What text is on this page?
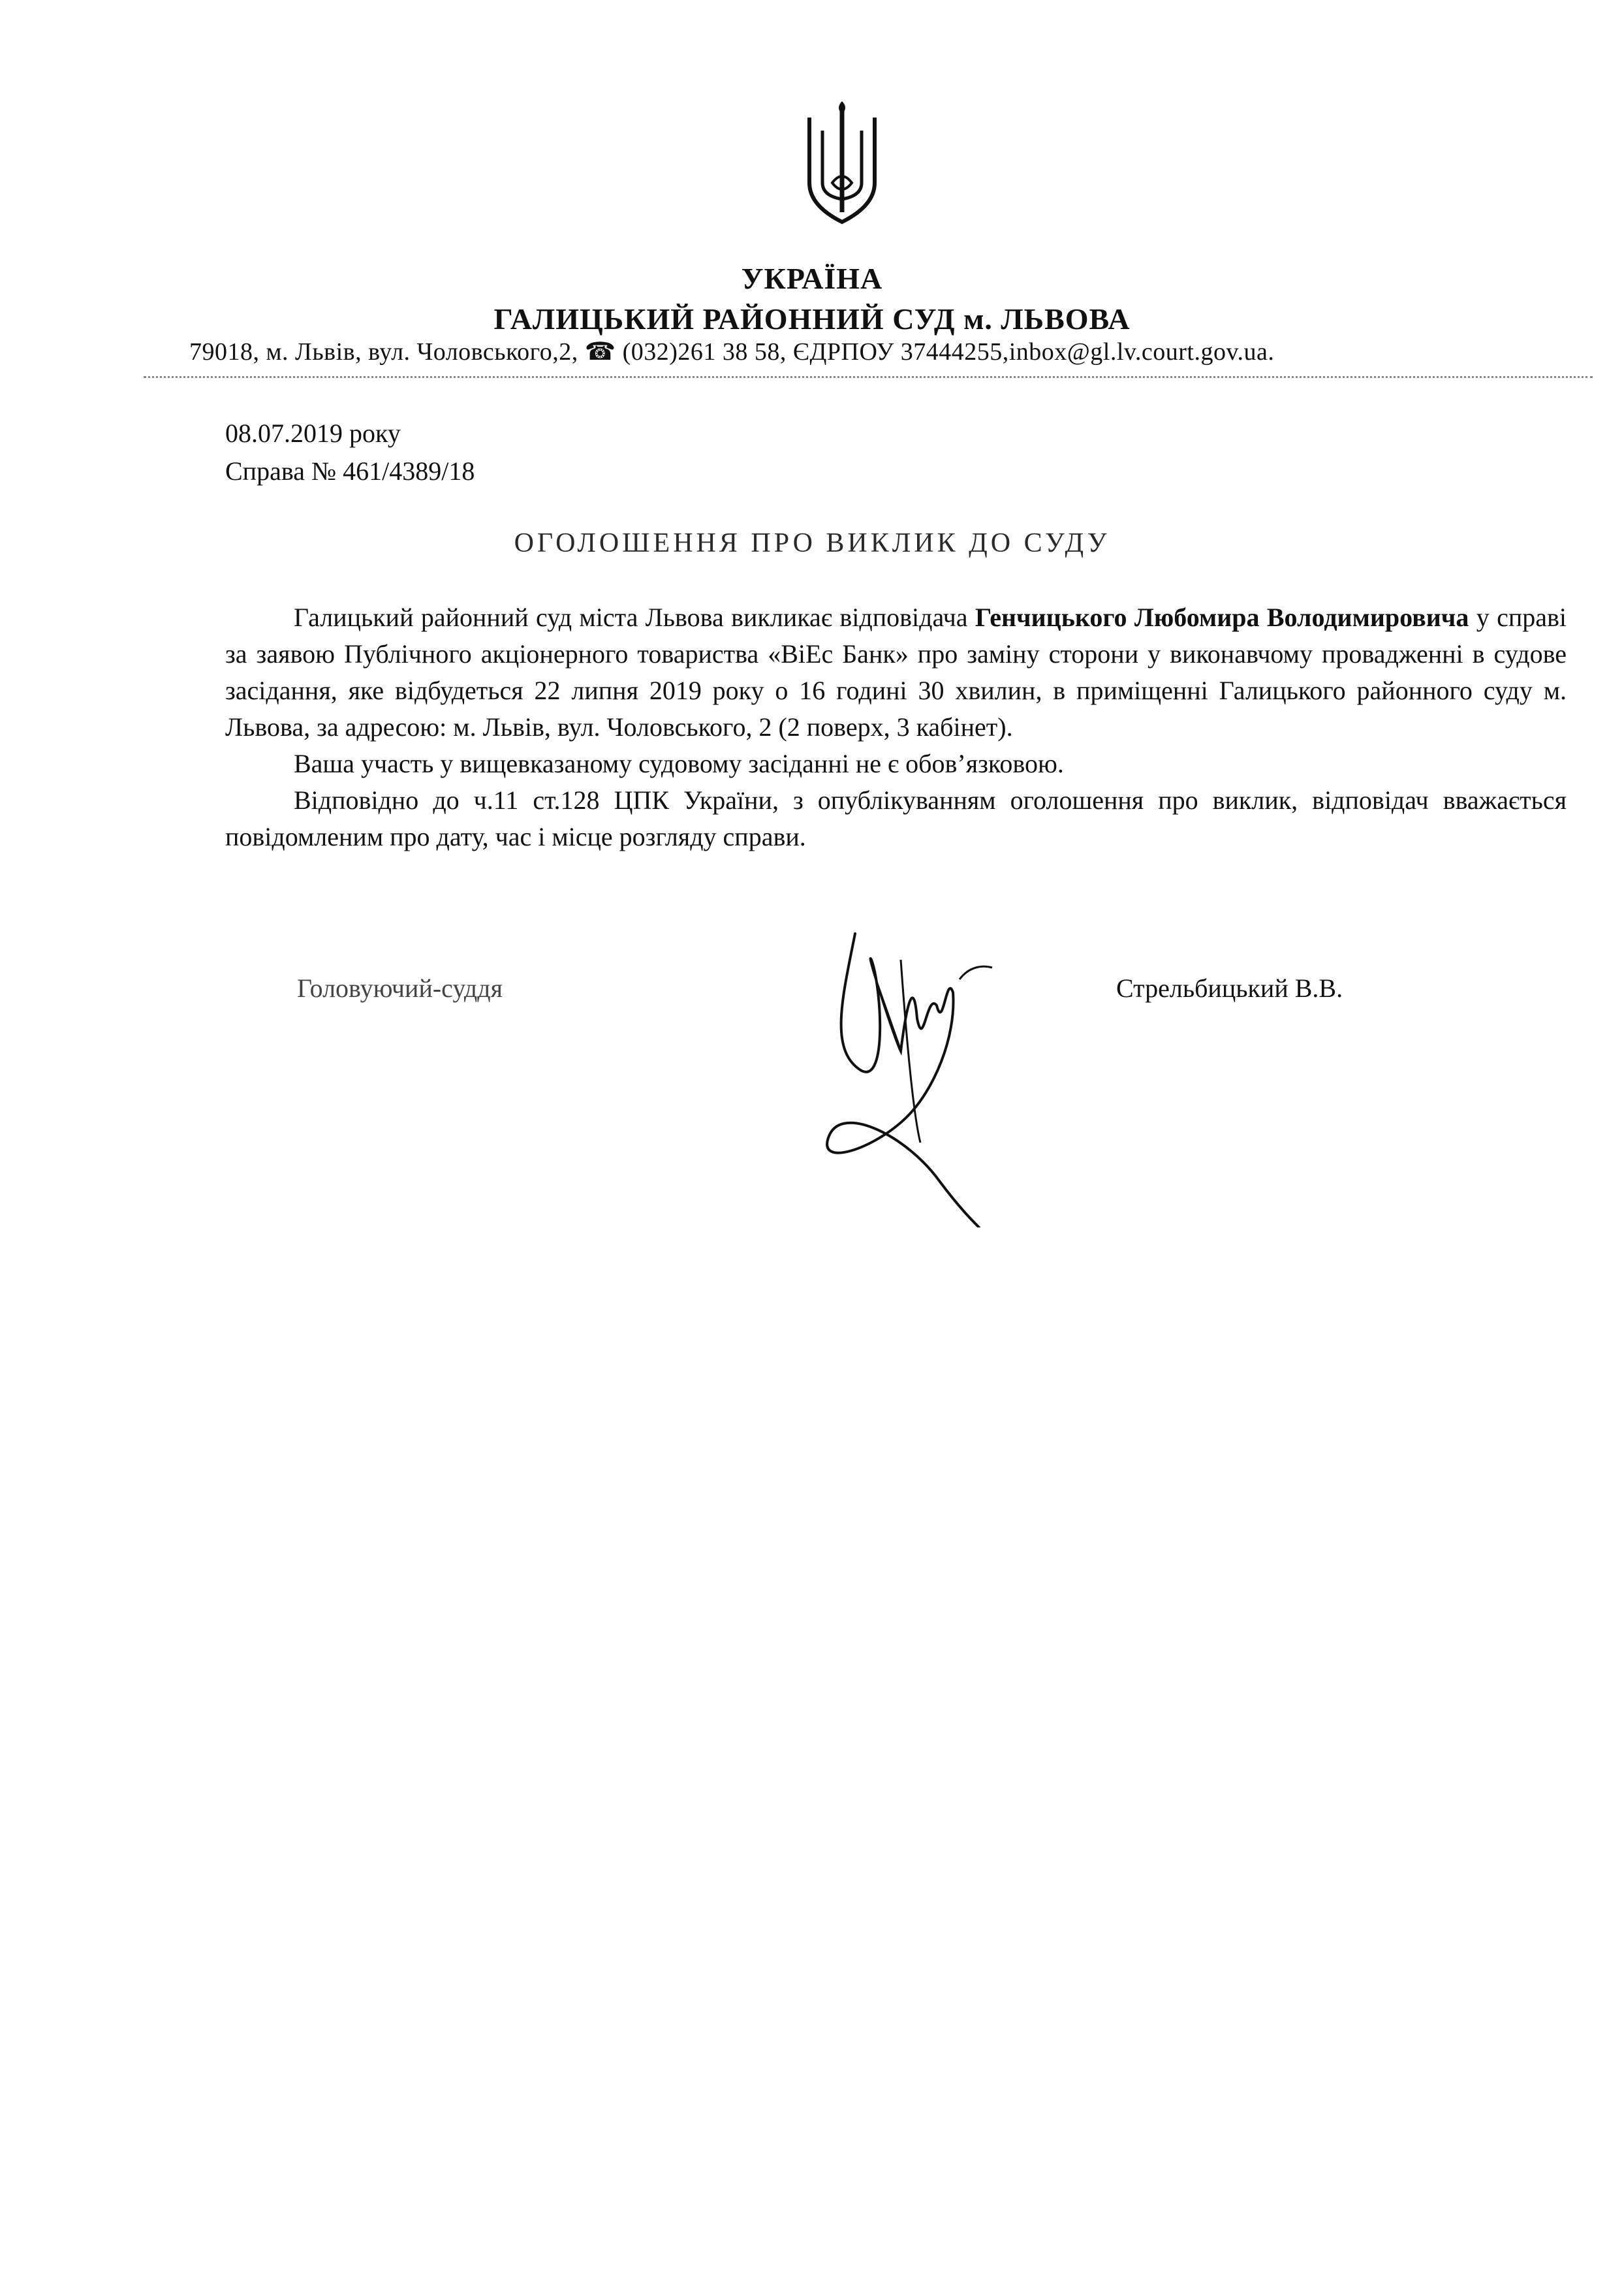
УКРАЇНА
ГАЛИЦЬКИЙ РАЙОННИЙ СУД м. ЛЬВОВА
79018, м. Львів, вул. Чоловського,2, ☎ (032)261 38 58, ЄДРПОУ 37444255,inbox@gl.lv.court.gov.ua.
08.07.2019 року
Справа № 461/4389/18
ОГОЛОШЕННЯ ПРО ВИКЛИК ДО СУДУ

Галицький районний суд міста Львова викликає відповідача Генчицького Любомира Володимировича у справі за заявою Публічного акціонерного товариства «ВіЕс Банк» про заміну сторони у виконавчому провадженні в судове засідання, яке відбудеться 22 липня 2019 року о 16 годині 30 хвилин, в приміщенні Галицького районного суду м. Львова, за адресою: м. Львів, вул. Чоловського, 2 (2 поверх, 3 кабінет).

Ваша участь у вищевказаному судовому засіданні не є обов’язковою.

Відповідно до ч.11 ст.128 ЦПК України, з опублікуванням оголошення про виклик, відповідач вважається повідомленим про дату, час і місце розгляду справи.

Головуючий-суддя	Стрельбицький В.В.
